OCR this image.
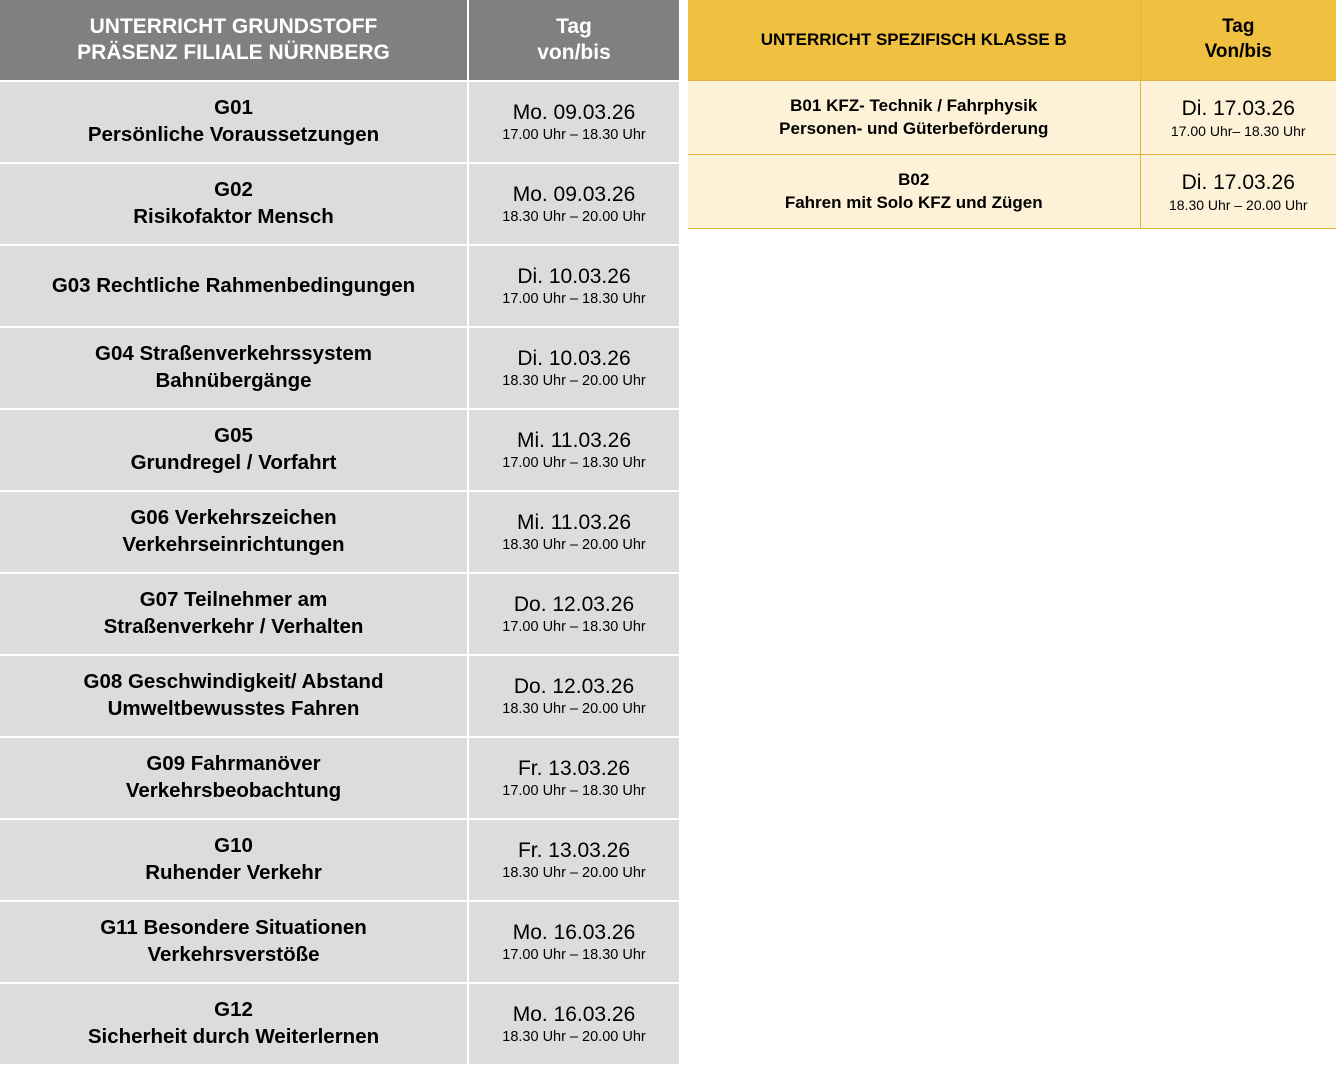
UNTERRICHT GRUNDSTOFF
PRÄSENZ FILIALE NÜRNBERG	Tag
von/bis
G01
Persönliche Voraussetzungen	Mo. 09.03.26
17.00 Uhr – 18.30 Uhr

G02
Risikofaktor Mensch	Mo. 09.03.26
18.30 Uhr – 20.00 Uhr

G03 Rechtliche Rahmenbedingungen	Di. 10.03.26
17.00 Uhr – 18.30 Uhr

G04 Straßenverkehrssystem
Bahnübergänge	Di. 10.03.26
18.30 Uhr – 20.00 Uhr

G05
Grundregel / Vorfahrt	Mi. 11.03.26
17.00 Uhr – 18.30 Uhr

G06 Verkehrszeichen
Verkehrseinrichtungen	Mi. 11.03.26
18.30 Uhr – 20.00 Uhr

G07 Teilnehmer am
Straßenverkehr / Verhalten	Do. 12.03.26
17.00 Uhr – 18.30 Uhr

G08 Geschwindigkeit/ Abstand
Umweltbewusstes Fahren	Do. 12.03.26
18.30 Uhr – 20.00 Uhr

G09 Fahrmanöver
Verkehrsbeobachtung	Fr. 13.03.26
17.00 Uhr – 18.30 Uhr

G10
Ruhender Verkehr	Fr. 13.03.26
18.30 Uhr – 20.00 Uhr

G11 Besondere Situationen
Verkehrsverstöße	Mo. 16.03.26
17.00 Uhr – 18.30 Uhr

G12
Sicherheit durch Weiterlernen	Mo. 16.03.26
18.30 Uhr – 20.00 Uhr
UNTERRICHT SPEZIFISCH KLASSE B	Tag
Von/bis
B01 KFZ- Technik / Fahrphysik
Personen- und Güterbeförderung	Di. 17.03.26
17.00 Uhr– 18.30 Uhr

B02
Fahren mit Solo KFZ und Zügen	Di. 17.03.26
18.30 Uhr – 20.00 Uhr
